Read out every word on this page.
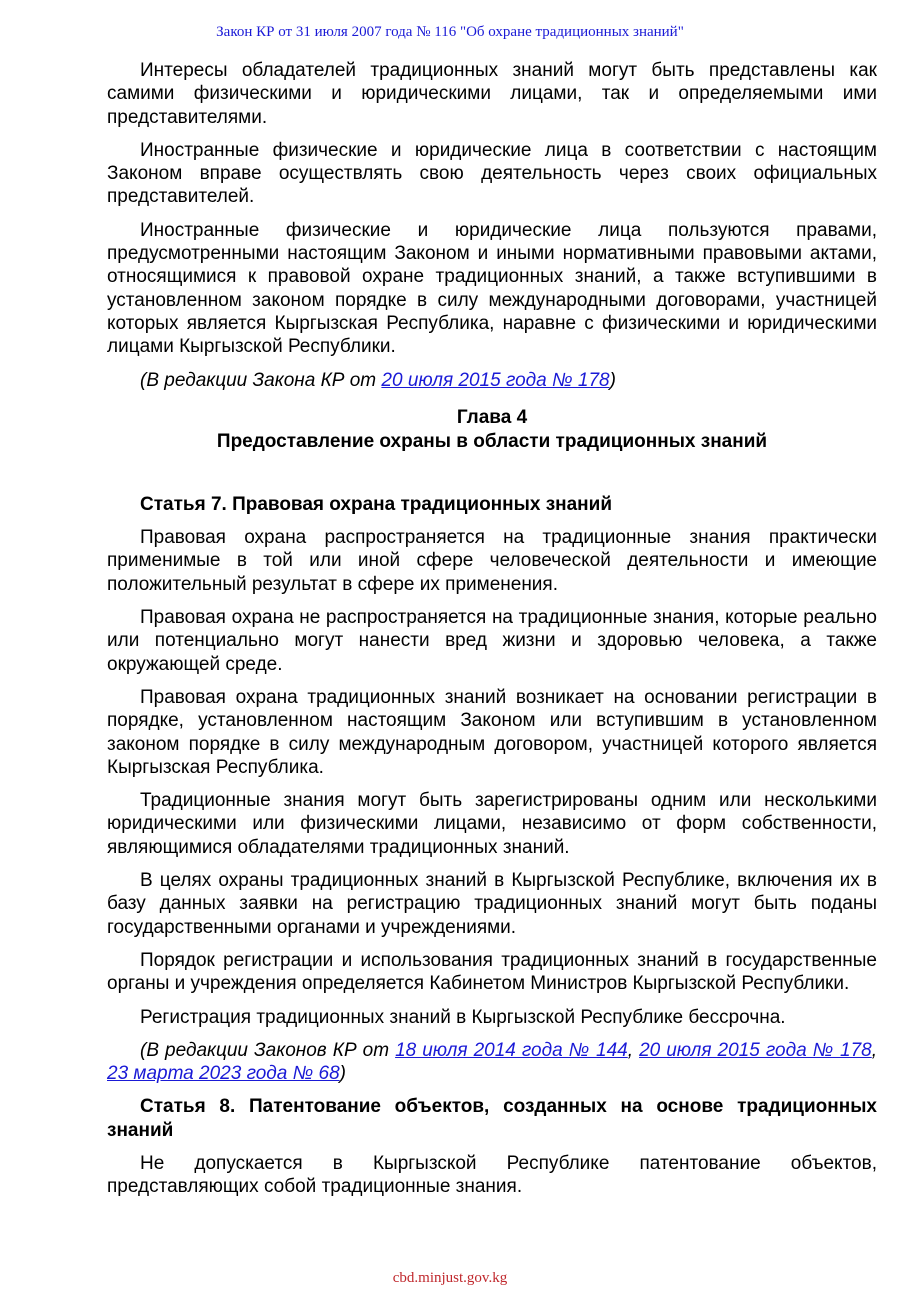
Закон КР от 31 июля 2007 года № 116 "Об охране традиционных знаний"

Интересы обладателей традиционных знаний могут быть представлены как самими физическими и юридическими лицами, так и определяемыми ими представителями.

Иностранные физические и юридические лица в соответствии с настоящим Законом вправе осуществлять свою деятельность через своих официальных представителей.

Иностранные физические и юридические лица пользуются правами, предусмотренными настоящим Законом и иными нормативными правовыми актами, относящимися к правовой охране традиционных знаний, а также вступившими в установленном законом порядке в силу международными договорами, участницей которых является Кыргызская Республика, наравне с физическими и юридическими лицами Кыргызской Республики.

(В редакции Закона КР от 20 июля 2015 года № 178)

Глава 4
Предоставление охраны в области традиционных знаний
Статья 7. Правовая охрана традиционных знаний

Правовая охрана распространяется на традиционные знания практически применимые в той или иной сфере человеческой деятельности и имеющие положительный результат в сфере их применения.

Правовая охрана не распространяется на традиционные знания, которые реально или потенциально могут нанести вред жизни и здоровью человека, а также окружающей среде.

Правовая охрана традиционных знаний возникает на основании регистрации в порядке, установленном настоящим Законом или вступившим в установленном законом порядке в силу международным договором, участницей которого является Кыргызская Республика.

Традиционные знания могут быть зарегистрированы одним или несколькими юридическими или физическими лицами, независимо от форм собственности, являющимися обладателями традиционных знаний.

В целях охраны традиционных знаний в Кыргызской Республике, включения их в базу данных заявки на регистрацию традиционных знаний могут быть поданы государственными органами и учреждениями.

Порядок регистрации и использования традиционных знаний в государственные органы и учреждения определяется Кабинетом Министров Кыргызской Республики.

Регистрация традиционных знаний в Кыргызской Республике бессрочна.

(В редакции Законов КР от 18 июля 2014 года № 144, 20 июля 2015 года № 178, 23 марта 2023 года № 68)

Статья 8. Патентование объектов, созданных на основе традиционных знаний

Не допускается в Кыргызской Республике патентование объектов, представляющих собой традиционные знания.

cbd.minjust.gov.kg
